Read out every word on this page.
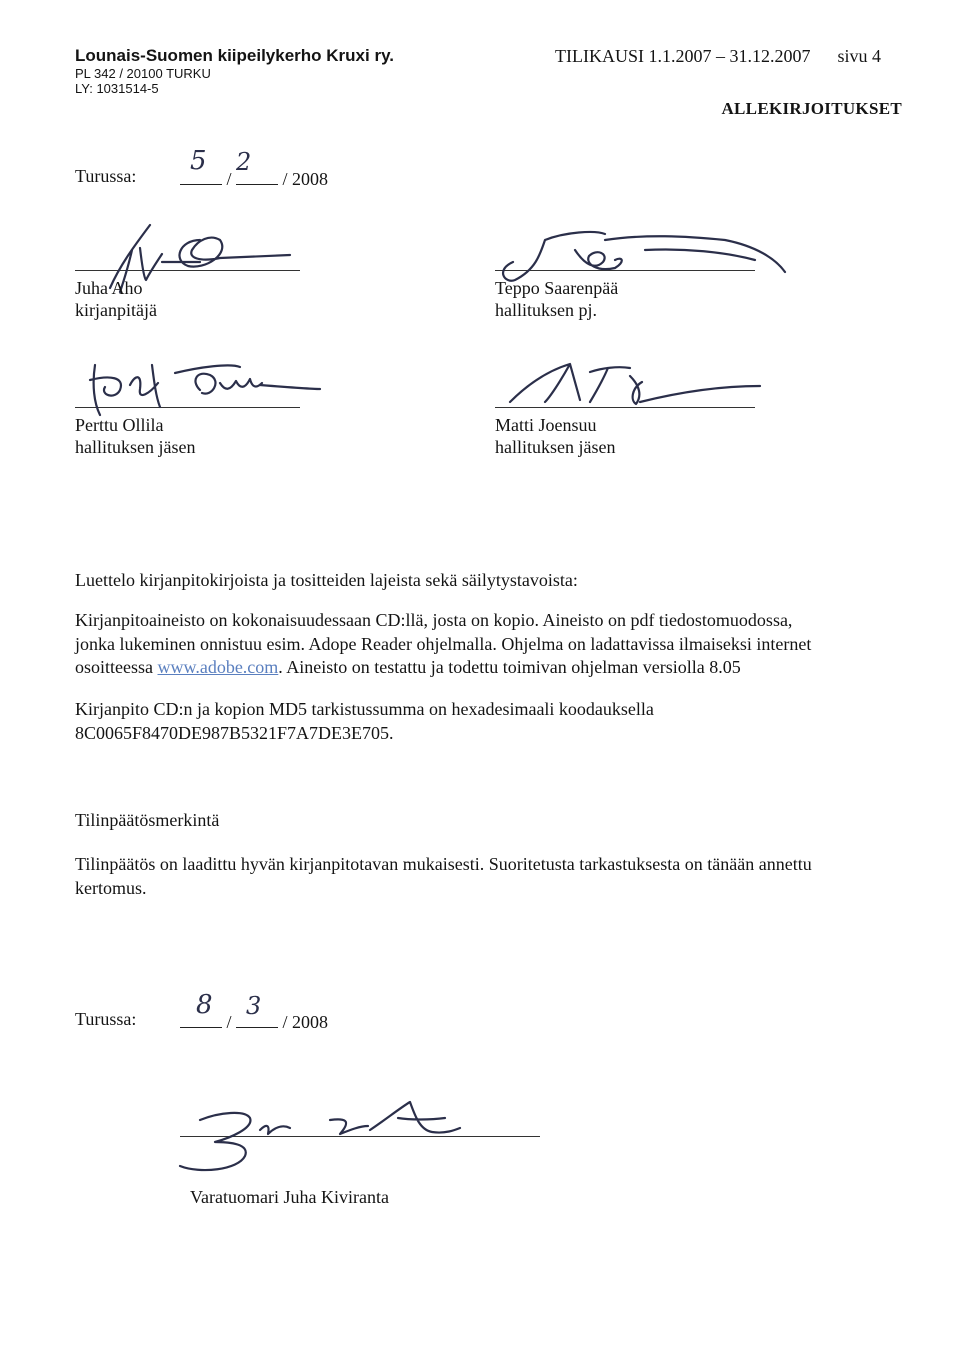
Lounais-Suomen kiipeilykerho Kruxi ry.
PL 342 / 20100 TURKU
LY: 1031514-5
TILIKAUSI 1.1.2007 – 31.12.2007 sivu 4
ALLEKIRJOITUKSET
Turussa:	/	/ 2008
5 2
Juha Aho
kirjanpitäjä
Teppo Saarenpää
hallituksen pj.
Perttu Ollila
hallituksen jäsen
Matti Joensuu
hallituksen jäsen
Luettelo kirjanpitokirjoista ja tositteiden lajeista sekä säilytystavoista:
Kirjanpitoaineisto on kokonaisuudessaan CD:llä, josta on kopio. Aineisto on pdf tiedostomuodossa,
jonka lukeminen onnistuu esim. Adope Reader ohjelmalla. Ohjelma on ladattavissa ilmaiseksi internet
osoitteessa www.adobe.com. Aineisto on testattu ja todettu toimivan ohjelman versiolla 8.05
Kirjanpito CD:n ja kopion MD5 tarkistussumma on hexadesimaali koodauksella
8C0065F8470DE987B5321F7A7DE3E705.
Tilinpäätösmerkintä
Tilinpäätös on laadittu hyvän kirjanpitotavan mukaisesti. Suoritetusta tarkastuksesta on tänään annettu
kertomus.
Turussa:	/	/ 2008
8 3
Varatuomari Juha Kiviranta
